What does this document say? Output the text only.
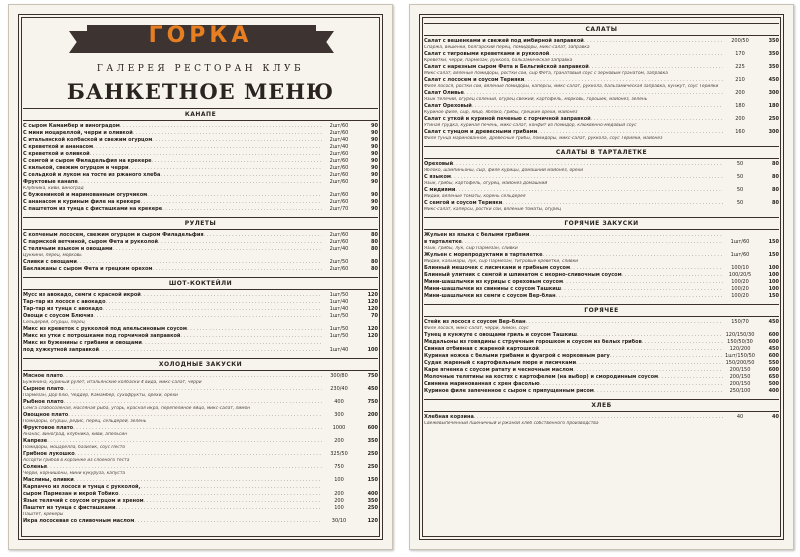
ГОРКА
ГАЛЕРЕЯ РЕСТОРАН КЛУБ
БАНКЕТНОЕ МЕНЮ
КАНАПЕ
С сыром Камамбер и виноградом . . .	2шт/60	90
С мини моцареллой, черри и оливкой . . .	2шт/60	90
С итальянской колбаской и свежим огурцом . . .	2шт/40	90
С креветкой и ананасом . . .	2шт/40	90
С креветкой и оливкой . . .	2шт/60	90
С семгой и сыром Филадельфия на крекере . . .	2шт/60	90
С килькой, свежим огурцом и черри . . .	2шт/60	90
С сельдкой и луком на тосте из ржаного хлеба . . .	2шт/60	90
Фруктовые канапе . . .	2шт/60	90
Клубника, киви, виноград
С буженинкой и маринованным огурчиком . . .	2шт/60	90
С ананасом и куриным филе на крекере . . .	2шт/60	90
С паштетом из тунца с фисташками на крекере . . .	2шт/70	90
РУЛЕТЫ
С копченым лососем, свежим огурцом и сыром Филадельфия . . .	2шт/60	80
С пармской ветчиной, сыром Фета и рукколой . . .	2шт/60	80
С телячьим языком и овощами . . .	2шт/40	80
Цуккини, перец, морковь
Сливки с овощами . . .	2шт/50	80
Баклажаны с сыром Фета и грецким орехом . . .	2шт/60	80
ШОТ-КОКТЕЙЛИ
Мусс из авокадо, семги с красной икрой . . .	1шт/50	120
Тар-тар из лосося с авокадо . . .	1шт/40	120
Тар-тар из тунца с авокадо . . .	1шт/40	120
Овощи с соусом Блючиз . . .	1шт/50	70
Сельдерей, огурцы, перец
Микс из креветок с рукколой под апельсиновым соусом . . .	1шт/50	120
Микс из утки с потрошками под горчичной заправкой . . .	1шт/50	120
Микс из буженины с грибами и овощами
. . .
под хужкутной заправкой . . .	1шт/40	100
ХОЛОДНЫЕ ЗАКУСКИ
Мясное плато . . .	300/80	750
Буженина, куриный рулет, итальянские колбаски 4 вида, микс-салат, черри
Сырное плато . . .	230/40	450
Пармезан, Дор блю, Чеддер, Камамбер, сухофрукты, орехи, орехи
Рыбное плато . . .	400	750
Семга слабосоленая, масляная рыба, угорь, красная икра, перепелиное яйцо, микс-салат, лимон
Овощное плато . . .	300	200
Помидоры, огурцы, редис, перец, сельдерей, зелень
Фруктовое плато . . .	1000	600
Ананас, виноград, клубника, киви, апельсин
Капрезе . . .	200	350
Помидоры, моцарелла, базилик, соус Песто
Грибное лукошко . . .	325/50	250
Ассорти грибов в корзинке из слоеного теста
Соленья . . .	750	250
Черри, корнишоны, мини кукуруза, капуста
Маслины, оливки . . .	100	150
Карпаччо из лосося и тунца с рукколой,
. . .
сыром Пармезан и икрой Тобико . . .	200	400
Язык телячий с соусом огурцом и хреном . . .	200	350
Паштет из тунца с фисташками . . .	100	250
Паштет, крекеры
Икра лососевая со сливочным маслом . . .	30/10	120
САЛАТЫ
Салат с вешенками и свежей под имбирной заправкой . . .	200/50	350
Спаржа, вешенки, болгарский перец, помидоры, микс-салат, заправка
Салат с тигровыми креветками и рукколой . . .	170	350
Креветки, черри, пармезан, руккола, бальзамическая заправка
Салат с нарезным сыром Фета и Бельгийской заправкой . . .	225	350
Микс-салат, вяленые помидоры, ростки сои, сыр Фета, гранатовый соус с зерновым гранатом, заправка
Салат с лососем и соусом Терияки . . .	210	450
Филе лосося, ростки сои, вяленые помидоры, каперсы, микс-салат, руккола, бальзамическая заправка, кунжут, соус Терияки
Салат Оливье . . .	200	300
Язык телячий, огурец соленый, огурец свежий, картофель, морковь, горошек, майонез, зелень
Салат Ореховый . . .	180	180
Куриное филе, сыр, яйцо, яблоко, грибы, грецкие орехи, майонез
Салат с уткой и куриной печенью с горчичной заправкой . . .	200	250
Утиная грудка, куриная печень, микс-салат, конфит из помидор, клюквенно-медовый соус
Салат с тунцом и древесными грибами . . .	160	300
Филе тунца маринованное, древесные грибы, помидоры, микс-салат, руккола, соус Терияки, майонез
САЛАТЫ В ТАРТАЛЕТКЕ
Ореховый . . .	50	80
Яблоко, шампиньоны, сыр, филе курицы, домашний майонез, орехи
С языком . . .	50	80
Язык, грибы, картофель, огурец, майонез домашний
С мидиями . . .	50	80
Мидии, вяленые томаты, корень сельдерея
С семгой и соусом Терияки . . .	50	80
Микс-салат, каперсы, ростки сои, вяленые томаты, огурец
ГОРЯЧИЕ ЗАКУСКИ
Жульен из языка с белыми грибами
. . .
в тарталетке . . .	1шт/60	150
Язык, грибы, лук, сыр Пармезан, сливки
Жульен с морепродуктами в тарталетке . . .	1шт/60	150
Мидии, кальмары, лук, сыр Пармезан, тигровые креветки, сливки
Блинный мешочек с лисичками и грибным соусом . . .	100/10	100
Блинный улитник с семгой и шпинатом с икорно-сливочным соусом . . .	100/20/5	100
Мини-шашлычки из курицы с ореховым соусом . . .	100/20	100
Мини-шашлычки из свинины с соусом Ташкиш . . .	100/20	100
Мини-шашлычки из семги с соусом Вер-блан . . .	100/20	150
ГОРЯЧЕЕ
Стейк из лосося с соусом Вер-блан . . .	150/70	450
Филе лосося, микс-салат, черри, лимон, соус
Тунец в кунжуте с овощами гриль и соусом Ташкиш . . .	120/150/30	600
Медальоны из говядины с струечным горошком и соусом из белых грибов . . .	150/50/30	600
Свиная отбивная с жареной картошкой . . .	120/200	450
Куриная ножка с белыми грибами и фуагрой с морковным рагу . . .	1шт/150/50	600
Судак жареный с картофельным пюре и лисичками . . .	150/200/50	550
Каре ягненка с соусом ратату и чесночным маслом . . .	200/150	600
Молочные телятины на костях с картофелем (на выбор) и смородинным соусом . . .	200/150	650
Свинина маринованная с хрен фасолью . . .	200/150	500
Куриное филе запеченное с сыром с припущенным рисом . . .	250/100	400
ХЛЕБ
Хлебная корзина . . .	40	40
Свежевыпеченный пшеничный и ржаной хлеб собственного производства
